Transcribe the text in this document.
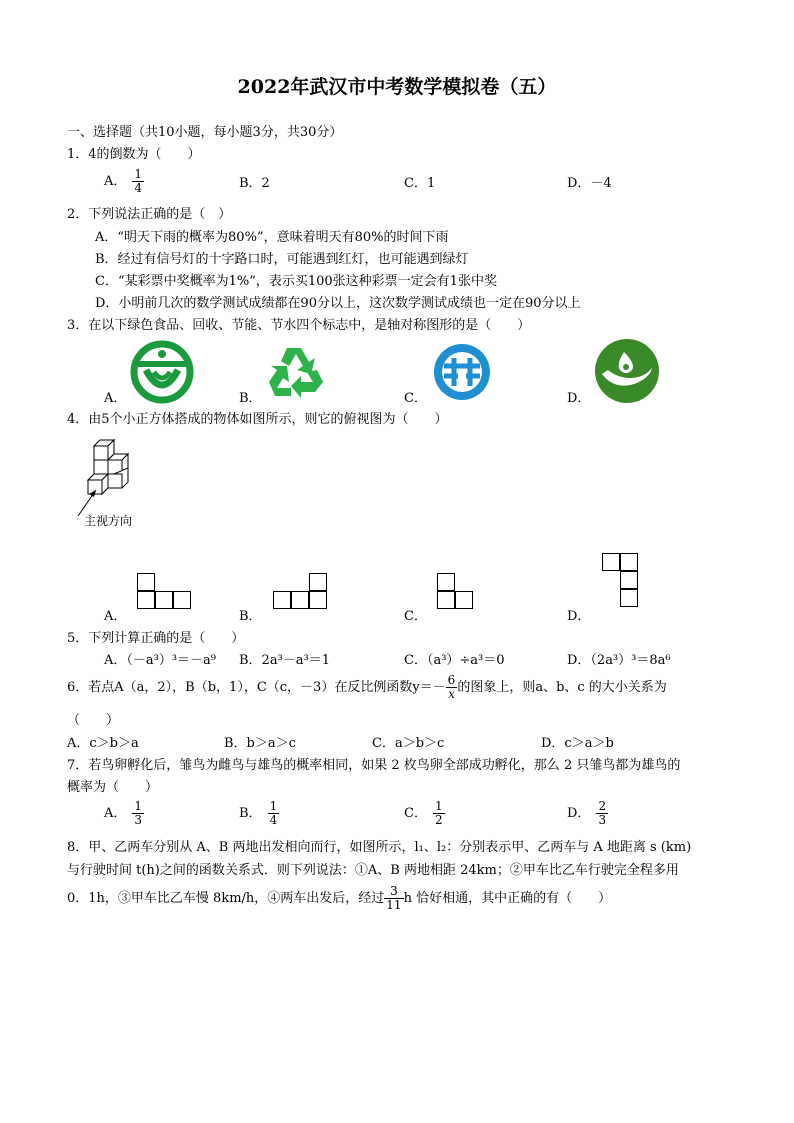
2022年武汉市中考数学模拟卷（五）
一、选择题（共10小题，每小题3分，共30分）
1．4的倒数为（　　）
A． $\frac{1}{4}$	B．2	C．1	D．－4
2．下列说法正确的是（　）
A．“明天下雨的概率为80%”，意味着明天有80%的时间下雨
B．经过有信号灯的十字路口时，可能遇到红灯，也可能遇到绿灯
C．“某彩票中奖概率为1%”，表示买100张这种彩票一定会有1张中奖
D．小明前几次的数学测试成绩都在90分以上，这次数学测试成绩也一定在90分以上
3．在以下绿色食品、回收、节能、节水四个标志中，是轴对称图形的是（　　）
A．	B．	C．	D．
4．由5个小正方体搭成的物体如图所示，则它的俯视图为（　　）
主视方向
A．	B．	C．	D．
5．下列计算正确的是（　　）
A．（－a³）³＝－a⁹ B．2a³－a³＝1	C．（a³）÷a³＝0	D．（2a³）³＝8a⁶
6．若点A（a，2），B（b，1），C（c，－3）在反比例函数$y=- \frac{6}{x}$ 的图象上，则a、b、c 的大小关系为
（　　）
A．c＞b＞a	B．b＞a＞c	C．a＞b＞c	D．c＞a＞b
7．若鸟卵孵化后，雏鸟为雌鸟与雄鸟的概率相同，如果 2 枚鸟卵全部成功孵化，那么 2 只雏鸟都为雄鸟的
概率为（　　）
A． $\frac{1}{3}$	B． $\frac{1}{4}$	C． $\frac{1}{2}$	D． $\frac{2}{3}$
8．甲、乙两车分别从 A、B 两地出发相向而行，如图所示，l₁、l₂：分别表示甲、乙两车与 A 地距离 s (km)
与行驶时间 t(h)之间的函数关系式．则下列说法：①A、B 两地相距 24km；②甲车比乙车行驶完全程多用
0．1h，③甲车比乙车慢 8km/h，④两车出发后，经过 $\frac{3}{11}$ h 恰好相通，其中正确的有（　　）
